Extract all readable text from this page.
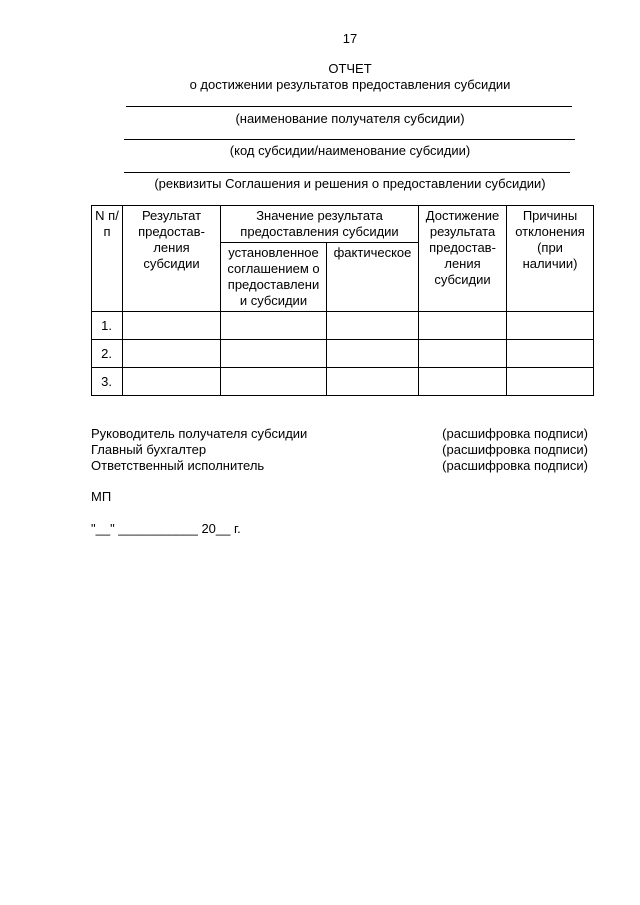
17
ОТЧЕТ
о достижении результатов предоставления субсидии
(наименование получателя субсидии)
(код субсидии/наименование субсидии)
(реквизиты Соглашения и решения о предоставлении субсидии)
N п/п	Результат предостав-ления субсидии	Значение результата предоставления субсидии		Достижение результата предостав-ления субсидии	Причины отклонения (при наличии)
		установленное соглашением о предоставлени и субсидии	фактическое		
1.					
2.					
3.					
Руководитель получателя субсидии	(расшифровка подписи)
Главный бухгалтер	(расшифровка подписи)
Ответственный исполнитель	(расшифровка подписи)
МП
"__" ___________ 20__ г.
